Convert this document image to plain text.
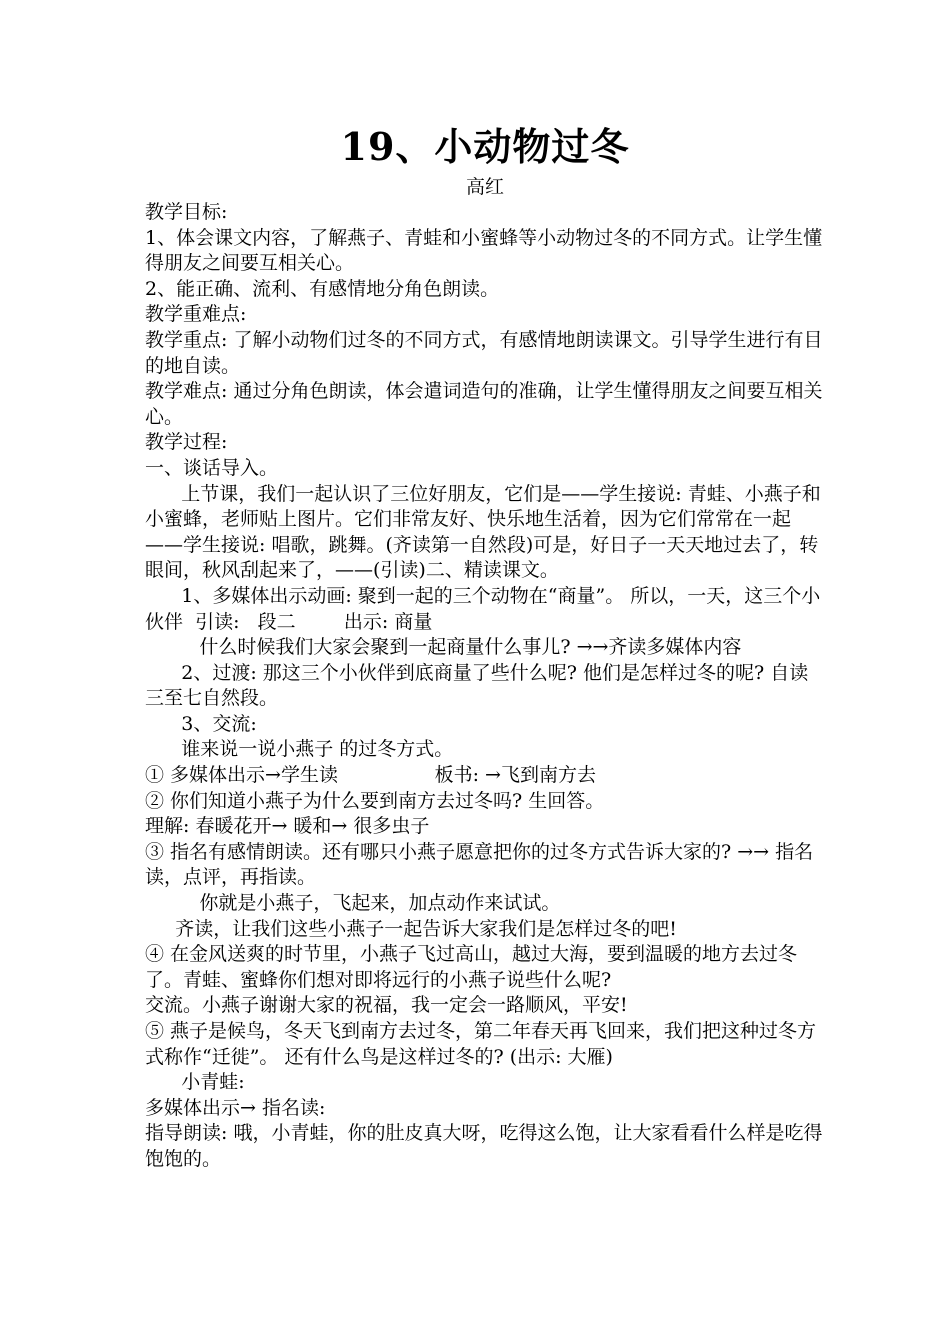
19、小动物过冬
高红

教学目标:

1、体会课文内容，了解燕子、青蛙和小蜜蜂等小动物过冬的不同方式。让学生懂得朋友之间要互相关心。

2、能正确、流利、有感情地分角色朗读。

教学重难点:

教学重点: 了解小动物们过冬的不同方式，有感情地朗读课文。引导学生进行有目的地自读。

教学难点: 通过分角色朗读，体会遣词造句的准确，让学生懂得朋友之间要互相关心。

教学过程:

一、谈话导入。

上节课，我们一起认识了三位好朋友，它们是——学生接说: 青蛙、小燕子和小蜜蜂，老师贴上图片。它们非常友好、快乐地生活着，因为它们常常在一起——学生接说: 唱歌，跳舞。(齐读第一自然段)可是，好日子一天天地过去了，转眼间，秋风刮起来了，——(引读)二、精读课文。

1、多媒体出示动画: 聚到一起的三个动物在“商量”。 所以，一天，这三个小伙伴  引读:   段二        出示: 商量

什么时候我们大家会聚到一起商量什么事儿? →→齐读多媒体内容

2、过渡: 那这三个小伙伴到底商量了些什么呢? 他们是怎样过冬的呢? 自读三至七自然段。

3、交流:

谁来说一说小燕子 的过冬方式。

① 多媒体出示→学生读                板书: →飞到南方去

② 你们知道小燕子为什么要到南方去过冬吗? 生回答。

理解: 春暖花开→ 暖和→ 很多虫子

③ 指名有感情朗读。还有哪只小燕子愿意把你的过冬方式告诉大家的? →→ 指名读，点评，再指读。

你就是小燕子，飞起来，加点动作来试试。

齐读，让我们这些小燕子一起告诉大家我们是怎样过冬的吧!

④ 在金风送爽的时节里，小燕子飞过高山，越过大海，要到温暖的地方去过冬了。青蛙、蜜蜂你们想对即将远行的小燕子说些什么呢?

交流。小燕子谢谢大家的祝福，我一定会一路顺风，平安!

⑤ 燕子是候鸟，冬天飞到南方去过冬，第二年春天再飞回来，我们把这种过冬方式称作“迁徙”。 还有什么鸟是这样过冬的? (出示: 大雁)

小青蛙:

多媒体出示→ 指名读:

指导朗读: 哦，小青蛙，你的肚皮真大呀，吃得这么饱，让大家看看什么样是吃得饱饱的。
